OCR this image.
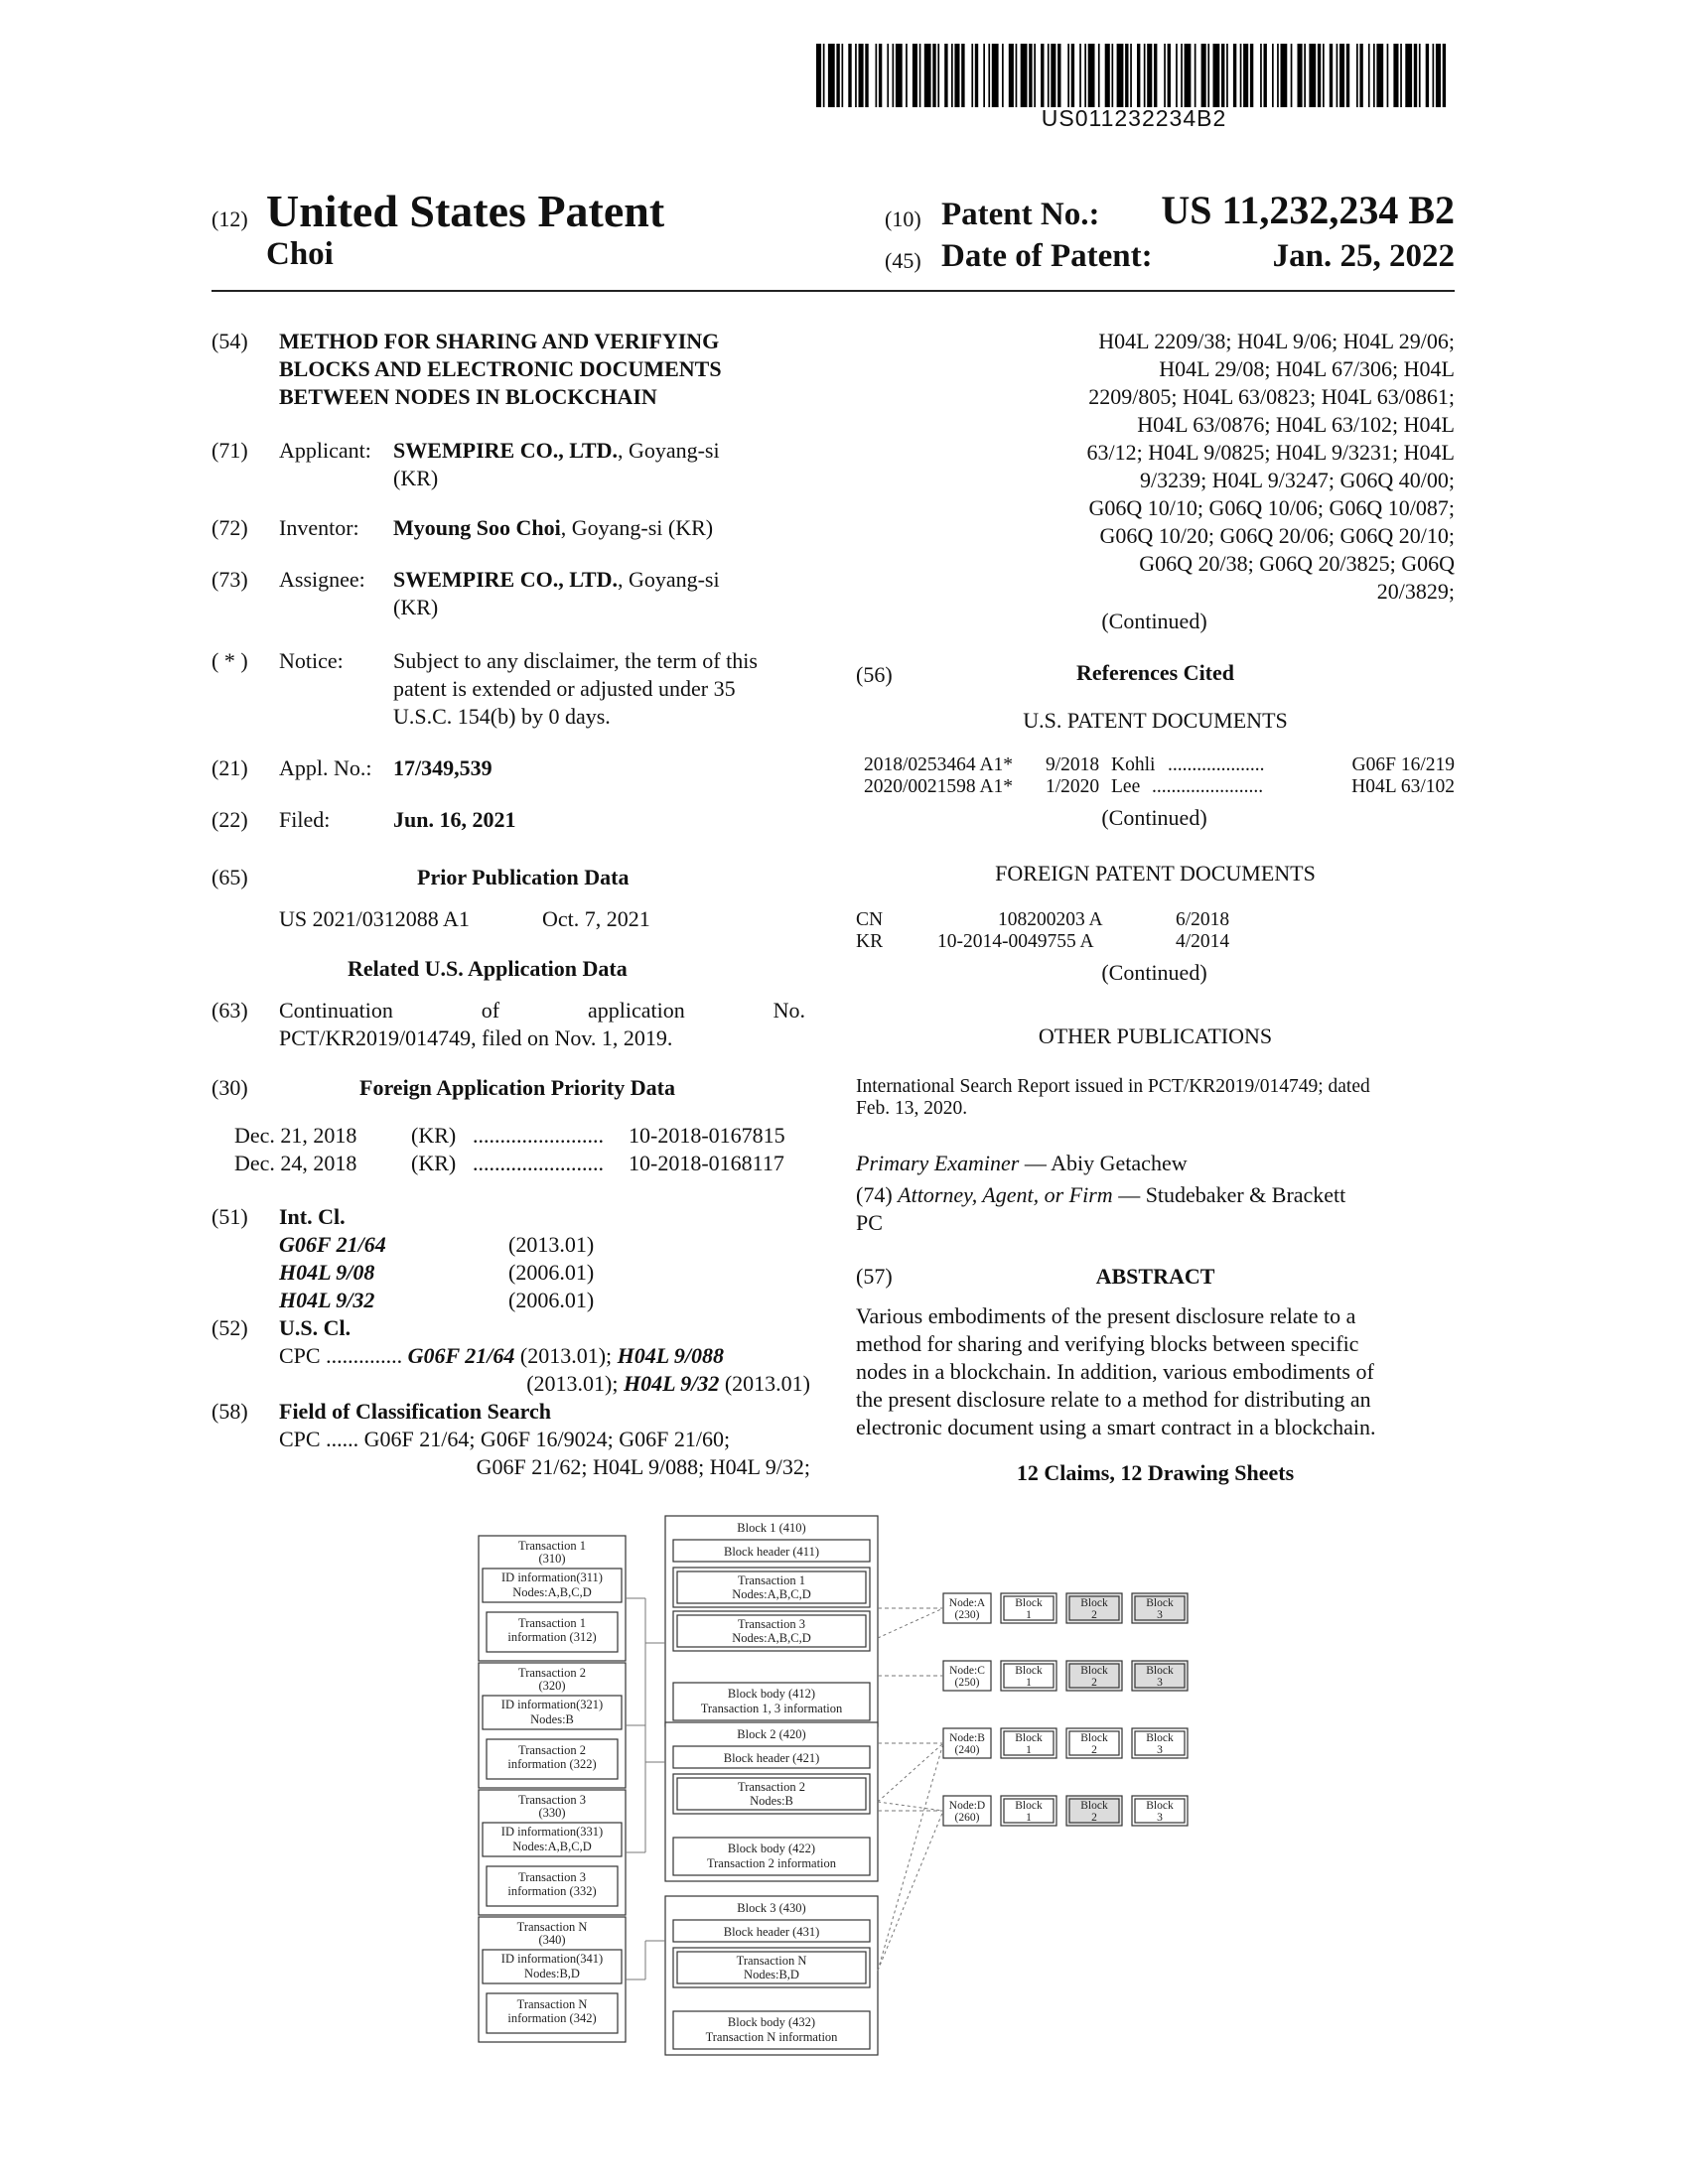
US011232234B2
(12) United States Patent
Choi
(10) Patent No.:	US 11,232,234 B2
(45) Date of Patent:	Jan. 25, 2022
(54) METHOD FOR SHARING AND VERIFYING
BLOCKS AND ELECTRONIC DOCUMENTS
BETWEEN NODES IN BLOCKCHAIN
(71) Applicant: SWEMPIRE CO., LTD., Goyang-si
(KR)
(72) Inventor: Myoung Soo Choi, Goyang-si (KR)
(73) Assignee: SWEMPIRE CO., LTD., Goyang-si
(KR)
( * ) Notice: Subject to any disclaimer, the term of this
patent is extended or adjusted under 35
U.S.C. 154(b) by 0 days.
(21) Appl. No.: 17/349,539
(22) Filed:	Jun. 16, 2021
(65)	Prior Publication Data
US 2021/0312088 A1	Oct. 7, 2021
Related U.S. Application Data
(63) Continuation	of	application	No.
PCT/KR2019/014749, filed on Nov. 1, 2019.
(30)	Foreign Application Priority Data
Dec. 21, 2018 (KR) ........................ 10-2018-0167815
Dec. 24, 2018 (KR) ........................ 10-2018-0168117
(51) Int. Cl.
G06F 21/64	(2013.01)
H04L 9/08	(2006.01)
H04L 9/32	(2006.01)
(52) U.S. Cl.
CPC .............. G06F 21/64 (2013.01); H04L 9/088
(2013.01); H04L 9/32 (2013.01)
(58) Field of Classification Search
CPC ...... G06F 21/64; G06F 16/9024; G06F 21/60;
G06F 21/62; H04L 9/088; H04L 9/32;
H04L 2209/38; H04L 9/06; H04L 29/06;
H04L 29/08; H04L 67/306; H04L
2209/805; H04L 63/0823; H04L 63/0861;
H04L 63/0876; H04L 63/102; H04L
63/12; H04L 9/0825; H04L 9/3231; H04L
9/3239; H04L 9/3247; G06Q 40/00;
G06Q 10/10; G06Q 10/06; G06Q 10/087;
G06Q 10/20; G06Q 20/06; G06Q 20/10;
G06Q 20/38; G06Q 20/3825; G06Q
20/3829;
(Continued)
(56)	References Cited
U.S. PATENT DOCUMENTS
2018/0253464 A1* 9/2018 Kohli ....................	G06F 16/219
2020/0021598 A1* 1/2020 Lee .......................	H04L 63/102
(Continued)
FOREIGN PATENT DOCUMENTS
CN	108200203 A	6/2018
KR	10-2014-0049755 A	4/2014
(Continued)
OTHER PUBLICATIONS
International Search Report issued in PCT/KR2019/014749; dated
Feb. 13, 2020.
Primary Examiner — Abiy Getachew
(74) Attorney, Agent, or Firm — Studebaker & Brackett
PC
(57)	ABSTRACT
Various embodiments of the present disclosure relate to a
method for sharing and verifying blocks between specific
nodes in a blockchain. In addition, various embodiments of
the present disclosure relate to a method for distributing an
electronic document using a smart contract in a blockchain.
12 Claims, 12 Drawing Sheets
Transaction 1
(310)
ID information(311)
Nodes:A,B,C,D
Transaction 1
information (312)
Transaction 2
(320)
ID information(321)
Nodes:B
Transaction 2
information (322)
Transaction 3
(330)
ID information(331)
Nodes:A,B,C,D
Transaction 3
information (332)
Transaction N
(340)
ID information(341)
Nodes:B,D
Transaction N
information (342)
Block 1 (410)
Block header (411)
Transaction 1
Nodes:A,B,C,D
Transaction 3
Nodes:A,B,C,D
Block body (412)
Transaction 1, 3 information
Block 2 (420)
Block header (421)
Transaction 2
Nodes:B
Block body (422)
Transaction 2 information
Block 3 (430)
Block header (431)
Transaction N
Nodes:B,D
Block body (432)
Transaction N information
Node:A
(230)
Block
1
Block
2
Block
3
Node:C
(250)
Block
1
Block
2
Block
3
Node:B
(240)
Block
1
Block
2
Block
3
Node:D
(260)
Block
1
Block
2
Block
3
